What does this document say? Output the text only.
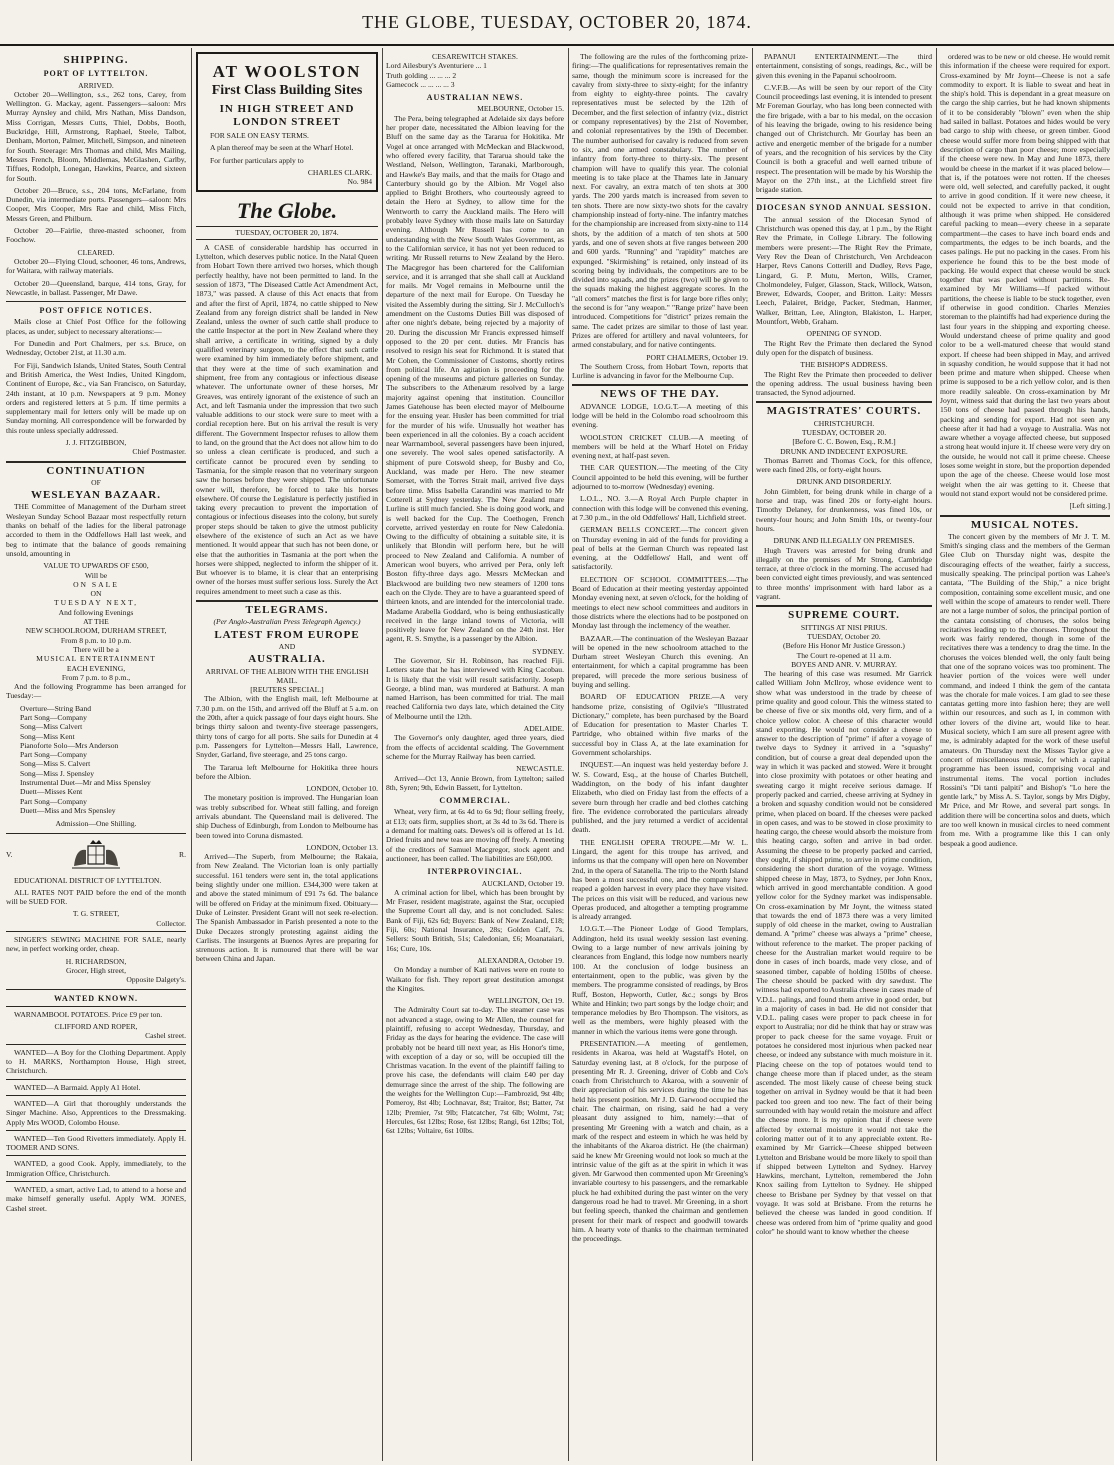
THE GLOBE, TUESDAY, OCTOBER 20, 1874.
SHIPPING.
PORT OF LYTTELTON.
ARRIVED.

October 20—Wellington, s.s., 262 tons, Carey, from Wellington. G. Mackay, agent. Passengers—saloon: Mrs Murray Aynsley and child, Mrs Nathan, Miss Dandson, Miss Corrigan, Messrs Cutts, Thiel, Dobbs, Booth, Buckridge, Hill, Armstrong, Raphael, Steele, Talbot, Denham, Morton, Palmer, Mitchell, Simpson, and nineteen for South. Steerage: Mrs Thomas and child, Mrs Mailing, Messrs French, Bloom, Middlemas, McGlashen, Carlby, Tiffues, Rodolph, Lonegan, Hawkins, Pearce, and sixteen for South.

October 20—Bruce, s.s., 204 tons, McFarlane, from Dunedin, via intermediate ports. Passengers—saloon: Mrs Cooper, Mrs Cooper, Mrs Rae and child, Miss Fitch, Messrs Green, and Philburn.

October 20—Fairlie, three-masted schooner, from Foochow.

CLEARED.

October 20—Flying Cloud, schooner, 46 tons, Andrews, for Waitara, with railway materials.

October 20—Queensland, barque, 414 tons, Gray, for Newcastle, in ballast. Passenger, Mr Dawe.

POST OFFICE NOTICES.

Mails close at Chief Post Office for the following places, as under, subject to necessary alterations:—

For Dunedin and Port Chalmers, per s.s. Bruce, on Wednesday, October 21st, at 11.30 a.m.

For Fiji, Sandwich Islands, United States, South Central and British America, the West Indies, United Kingdom, Continent of Europe, &c., via San Francisco, on Saturday, 24th instant, at 10 p.m. Newspapers at 9 p.m. Money orders and registered letters at 5 p.m. If time permits a supplementary mail for letters only will be made up on Sunday morning. All correspondence will be forwarded by this route unless specially addressed.

J. J. FITZGIBBON,
Chief Postmaster.
CONTINUATION
OF
WESLEYAN BAZAAR.

THE Committee of Management of the Durham street Wesleyan Sunday School Bazaar most respectfully return thanks on behalf of the ladies for the liberal patronage accorded to them in the Oddfellows Hall last week, and beg to intimate that the balance of goods remaining unsold, amounting in

VALUE TO UPWARDS OF £500,
Will be
ON SALE
ON
TUESDAY NEXT,
And following Evenings
AT THE
NEW SCHOOLROOM, DURHAM STREET,
From 8 p.m. to 10 p.m.
There will be a
MUSICAL ENTERTAINMENT
EACH EVENING,
From 7 p.m. to 8 p.m.,

And the following Programme has been arranged for Tuesday:—

Overture—String Band
Part Song—Company
Song—Miss Calvert
Song—Miss Kent
Pianoforte Solo—Mrs Anderson
Part Song—Company
Song—Miss S. Calvert
Song—Miss J. Spensley
Instrumental Duet—Mr and Miss Spensley
Duett—Misses Kent
Part Song—Company
Duett—Miss and Mrs Spensley
Admission—One Shilling.
V.	R.

EDUCATIONAL DISTRICT OF LYTTELTON.

ALL RATES NOT PAID before the end of the month will be SUED FOR.

T. G. STREET,
Collector.

SINGER'S SEWING MACHINE FOR SALE, nearly new, in perfect working order, cheap.

H. RICHARDSON,
Grocer, High street,
Opposite Dalgety's.
WANTED KNOWN.

WARNAMBOOL POTATOES. Price £9 per ton.

CLIFFORD AND ROPER,
Cashel street.

WANTED—A Boy for the Clothing Department. Apply to H. MARKS, Northampton House, High street, Christchurch.

WANTED—A Barmaid. Apply A1 Hotel.

WANTED—A Girl that thoroughly understands the Singer Machine. Also, Apprentices to the Dressmaking. Apply Mrs WOOD, Colombo House.

WANTED—Ten Good Rivetters immediately. Apply H. TOOMER AND SONS.

WANTED, a good Cook. Apply, immediately, to the Immigration Office, Christchurch.

WANTED, a smart, active Lad, to attend to a horse and make himself generally useful. Apply WM. JONES, Cashel street.

AT WOOLSTON
First Class Building Sites
IN HIGH STREET AND LONDON STREET

FOR SALE ON EASY TERMS.

A plan thereof may be seen at the Wharf Hotel.

For further particulars apply to

CHARLES CLARK.
No. 984
The Globe.
TUESDAY, OCTOBER 20, 1874.

A CASE of considerable hardship has occurred in Lyttelton, which deserves public notice. In the Natal Queen from Hobart Town there arrived two horses, which though perfectly healthy, have not been permitted to land. In the session of 1873, "The Diseased Cattle Act Amendment Act, 1873," was passed. A clause of this Act enacts that from and after the first of April, 1874, no cattle shipped to New Zealand from any foreign district shall be landed in New Zealand, unless the owner of such cattle shall produce to the cattle Inspector at the port in New Zealand where they shall arrive, a certificate in writing, signed by a duly qualified veterinary surgeon, to the effect that such cattle were examined by him immediately before shipment, and that they were at the time of such examination and shipment, free from any contagious or infectious disease whatever. The unfortunate owner of these horses, Mr Greaves, was entirely ignorant of the existence of such an Act, and left Tasmania under the impression that two such valuable additions to our stock were sure to meet with a cordial reception here. But on his arrival the result is very different. The Government Inspector refuses to allow them to land, on the ground that the Act does not allow him to do so unless a clean certificate is produced, and such a certificate cannot be procured even by sending to Tasmania, for the simple reason that no veterinary surgeon saw the horses before they were shipped. The unfortunate owner will, therefore, be forced to take his horses elsewhere. Of course the Legislature is perfectly justified in taking every precaution to prevent the importation of contagious or infectious diseases into the colony, but surely proper steps should be taken to give the utmost publicity elsewhere of the existence of such an Act as we have mentioned. It would appear that such has not been done, or else that the authorities in Tasmania at the port when the horses were shipped, neglected to inform the shipper of it. But whoever is to blame, it is clear that an enterprising owner of the horses must suffer serious loss. Surely the Act requires amendment to meet such a case as this.

TELEGRAMS.
(Per Anglo-Australian Press Telegraph Agency.)
LATEST FROM EUROPE
AND
AUSTRALIA.
ARRIVAL OF THE ALBION WITH THE ENGLISH MAIL.
[REUTERS SPECIAL.]

The Albion, with the English mail, left Melbourne at 7.30 p.m. on the 15th, and arrived off the Bluff at 5 a.m. on the 20th, after a quick passage of four days eight hours. She brings thirty saloon and twenty-five steerage passengers, thirty tons of cargo for all ports. She sails for Dunedin at 4 p.m. Passengers for Lyttelton—Messrs Hall, Lawrence, Snyder, Garland, five steerage, and 25 tons cargo.

The Tararua left Melbourne for Hokitika three hours before the Albion.

LONDON, October 10.

The monetary position is improved. The Hungarian loan was trebly subscribed for. Wheat still falling, and foreign arrivals abundant. The Queensland mail is delivered. The ship Duchess of Edinburgh, from London to Melbourne has been towed into Coruna dismasted.

LONDON, October 13.

Arrived—The Superb, from Melbourne; the Rakaia, from New Zealand. The Victorian loan is only partially successful. 161 tenders were sent in, the total applications being slightly under one million. £344,300 were taken at and above the stated minimum of £91 7s 6d. The balance will be offered on Friday at the minimum fixed. Obituary—Duke of Leinster. President Grant will not seek re-election. The Spanish Ambassador in Parish presented a note to the Duke Decazes strongly protesting against aiding the Carlists. The insurgents at Buenos Ayres are preparing for strenuous action. It is rumoured that there will be war between China and Japan.

CESAREWITCH STAKES.
Lord Ailesbury's Aventuriere ... 1
Truth golding ... ... ... 2
Gamecock ... ... ... ... 3
AUSTRALIAN NEWS.
MELBOURNE, October 15.

The Pera, being telegraphed at Adelaide six days before her proper date, necessitated the Albion leaving for the Bluff on the same day as the Tararua for Hokitika. Mr Vogel at once arranged with McMeckan and Blackwood, who offered every facility, that Tararua should take the Westland, Nelson, Wellington, Taranaki, Marlborough, and Hawke's Bay mails, and that the mails for Otago and Canterbury should go by the Albion. Mr Vogel also applied to Bright Brothers, who courteously agreed to detain the Hero at Sydney, to allow time for the Wentworth to carry the Auckland mails. The Hero will probably leave Sydney with those mails late on Saturday evening. Although Mr Russell has come to an understanding with the New South Wales Government, as to the Californian service, it has not yet been reduced to writing. Mr Russell returns to New Zealand by the Hero. The Macgregor has been chartered for the Californian service, and it is arranged that she shall call at Auckland for mails. Mr Vogel remains in Melbourne until the departure of the next mail for Europe. On Tuesday he visited the Assembly during the sitting. Sir J. McCulloch's amendment on the Customs Duties Bill was disposed of after one night's debate, being rejected by a majority of 20. During the discussion Mr Francis expressed himself opposed to the 20 per cent. duties. Mr Francis has resolved to resign his seat for Richmond. It is stated that Mr Cohen, the Commissioner of Customs, shortly retires from political life. An agitation is proceeding for the opening of the museums and picture galleries on Sunday. The subscribers to the Athenæum resolved by a large majority against opening that institution. Councillor James Gatehouse has been elected mayor of Melbourne for the ensuing year. Husler has been committed for trial for the murder of his wife. Unusually hot weather has been experienced in all the colonies. By a coach accident near Warrnambool, several passengers have been injured, one severely. The wool sales opened satisfactorily. A shipment of pure Cotswold sheep, for Busby and Co, Auckland, was made per Hero. The new steamer Somerset, with the Torres Strait mail, arrived five days before time. Miss Isabella Carandini was married to Mr Cotterell at Sydney yesterday. The New Zealand mare Lurline is still much fancied. She is doing good work, and is well backed for the Cup. The Coethogen, French corvette, arrived yesterday en route for New Caledonia. Owing to the difficulty of obtaining a suitable site, it is unlikely that Blondin will perform here, but he will proceed to New Zealand and California. A number of American wool buyers, who arrived per Pera, only left Boston fifty-three days ago. Messrs McMeckan and Blackwood are building two new steamers of 1200 tons each on the Clyde. They are to have a guaranteed speed of thirteen knots, and are intended for the intercolonial trade. Madame Arabella Goddard, who is being enthusiastically received in the large inland towns of Victoria, will positively leave for New Zealand on the 24th inst. Her agent, R. S. Smythe, is a passenger by the Albion.

SYDNEY.

The Governor, Sir H. Robinson, has reached Fiji. Letters state that he has interviewed with King Cacobau. It is likely that the visit will result satisfactorily. Joseph George, a blind man, was murdered at Bathurst. A man named Harrison, has been committed for trial. The mail reached California two days late, which detained the City of Melbourne until the 12th.

ADELAIDE.

The Governor's only daughter, aged three years, died from the effects of accidental scalding. The Government scheme for the Murray Railway has been carried.

NEWCASTLE.

Arrived—Oct 13, Annie Brown, from Lyttelton; sailed 8th, Syren; 9th, Edwin Bassett, for Lyttelton.

COMMERCIAL.

Wheat, very firm, at 6s 4d to 6s 9d; flour selling freely, at £13; oats firm, supplies short, at 3s 4d to 3s 6d. There is a demand for malting oats. Dewes's oil is offered at 1s 1d. Dried fruits and new teas are moving off freely. A meeting of the creditors of Samuel Macgregor, stock agent and auctioneer, has been called. The liabilities are £60,000.

INTERPROVINCIAL.
AUCKLAND, October 19.

A criminal action for libel, which has been brought by Mr Fraser, resident magistrate, against the Star, occupied the Supreme Court all day, and is not concluded. Sales: Bank of Fiji, 62s 6d; Buyers: Bank of New Zealand, £18; Fiji, 60s; National Insurance, 28s; Golden Calf, 7s. Sellers: South British, 51s; Caledonian, £6; Moanataiari, 16s; Cure, 10s.

ALEXANDRA, October 19.

On Monday a number of Kati natives were en route to Waikato for fish. They report great destitution amongst the Kingites.

WELLINGTON, Oct 19.

The Admiralty Court sat to-day. The steamer case was not advanced a stage, owing to Mr Allen, the counsel for plaintiff, refusing to accept Wednesday, Thursday, and Friday as the days for hearing the evidence. The case will probably not be heard till next year, as His Honor's time, with exception of a day or so, will be occupied till the Christmas vacation. In the event of the plaintiff failing to prove his case, the defendants will claim £40 per day demurrage since the arrest of the ship. The following are the weights for the Wellington Cup:—Fambrozid, 9st 4lb; Pomeroy, 8st 4lb; Lochnavar, 8st; Traitor, 8st; Batter, 7st 12lb; Premier, 7st 9lb; Flatcatcher, 7st 6lb; Wolmt, 7st; Hercules, 6st 12lbs; Rose, 6st 12lbs; Rangi, 6st 12lbs; Tol, 6st 12lbs; Voltaire, 6st 10lbs.

The following are the rules of the forthcoming prize-firing:—The qualifications for representatives remain the same, though the minimum score is increased for the cavalry from sixty-three to sixty-eight; for the infantry from eighty to eighty-three points. The cavalry representatives must be selected by the 12th of December, and the first selection of infantry (viz., district or company representatives) by the 21st of November, and colonial representatives by the 19th of December. The number authorised for cavalry is reduced from seven to six, and one armed constabulary. The number of infantry from forty-three to thirty-six. The present champion will have to qualify this year. The colonial meeting is to take place at the Thames late in January next. For cavalry, an extra match of ten shots at 300 yards. The 200 yards match is increased from seven to ten shots. There are now sixty-two shots for the cavalry championship instead of forty-nine. The infantry matches for the championship are increased from sixty-nine to 114 shots, by the addition of a match of ten shots at 500 yards, and one of seven shots at five ranges between 200 and 600 yards. "Running" and "rapidity" matches are expunged. "Skirmishing" is retained, only instead of its scoring being by individuals, the competitors are to be divided into squads, and the prizes (two) will be given to the squads making the highest aggregate scores. In the "all comers" matches the first is for large bore rifles only; the second is for "any weapon." "Range prize" have been introduced. Competitions for "district" prizes remain the same. The cadet prizes are similar to those of last year. Prizes are offered for artillery and naval volunteers, for armed constabulary, and for native contingents.

PORT CHALMERS, October 19.

The Southern Cross, from Hobart Town, reports that Lurline is advancing in favor for the Melbourne Cup.

NEWS OF THE DAY.

ADVANCE LODGE, I.O.G.T.—A meeting of this lodge will be held in the Colombo road schoolroom this evening.

WOOLSTON CRICKET CLUB.—A meeting of members will be held at the Wharf Hotel on Friday evening next, at half-past seven.

THE CAR QUESTION.—The meeting of the City Council appointed to be held this evening, will be further adjourned to to-morrow (Wednesday) evening.

L.O.L., NO. 3.—A Royal Arch Purple chapter in connection with this lodge will be convened this evening, at 7.30 p.m., in the old Oddfellows' Hall, Lichfield street.

GERMAN BELLS CONCERT.—The concert given on Thursday evening in aid of the funds for providing a peal of bells at the German Church was repeated last evening, at the Oddfellows' Hall, and went off satisfactorily.

ELECTION OF SCHOOL COMMITTEES.—The Board of Education at their meeting yesterday appointed Monday evening next, at seven o'clock, for the holding of meetings to elect new school committees and auditors in those districts where the elections had to be postponed on Monday last through the inclemency of the weather.

BAZAAR.—The continuation of the Wesleyan Bazaar will be opened in the new schoolroom attached to the Durham street Wesleyan Church this evening. An entertainment, for which a capital programme has been prepared, will precede the more serious business of buying and selling.

BOARD OF EDUCATION PRIZE.—A very handsome prize, consisting of Ogilvie's "Illustrated Dictionary," complete, has been purchased by the Board of Education for presentation to Master Charles T. Partridge, who obtained within five marks of the successful boy in Class A, at the late examination for Government scholarships.

INQUEST.—An inquest was held yesterday before J. W. S. Coward, Esq., at the house of Charles Butchell, Waddington, on the body of his infant daughter Elizabeth, who died on Friday last from the effects of a severe burn through her cradle and bed clothes catching fire. The evidence corroborated the particulars already published, and the jury returned a verdict of accidental death.

THE ENGLISH OPERA TROUPE.—Mr W. L. Lingard, the agent for this troupe has arrived, and informs us that the company will open here on November 2nd, in the opera of Satanella. The trip to the North Island has been a most successful one, and the company have reaped a golden harvest in every place they have visited. The prices on this visit will be reduced, and various new Operas produced, and altogether a tempting programme is already arranged.

I.O.G.T.—The Pioneer Lodge of Good Templars, Addington, held its usual weekly session last evening. Owing to a large number of new arrivals joining by clearances from England, this lodge now numbers nearly 100. At the conclusion of lodge business an entertainment, open to the public, was given by the members. The programme consisted of readings, by Bros Ruff, Boston, Hepworth, Cutler, &c.; songs by Bros White and Hinkin; two part songs by the lodge choir; and temperance melodies by Bro Thompson. The visitors, as well as the members, were highly pleased with the manner in which the various items were gone through.

PRESENTATION.—A meeting of gentlemen, residents in Akaroa, was held at Wagstaff's Hotel, on Saturday evening last, at 8 o'clock, for the purpose of presenting Mr R. J. Greening, driver of Cobb and Co's coach from Christchurch to Akaroa, with a souvenir of their appreciation of his services during the time he has held his present position. Mr J. D. Garwood occupied the chair. The chairman, on rising, said he had a very pleasant duty assigned to him, namely:—that of presenting Mr Greening with a watch and chain, as a mark of the respect and esteem in which he was held by the inhabitants of the Akaroa district. He (the chairman) said he knew Mr Greening would not look so much at the intrinsic value of the gift as at the spirit in which it was given. Mr Garwood then commented upon Mr Greening's invariable courtesy to his passengers, and the remarkable pluck he had exhibited during the past winter on the very dangerous road he had to travel. Mr Greening, in a short but feeling speech, thanked the chairman and gentlemen present for their mark of respect and goodwill towards him. A hearty vote of thanks to the chairman terminated the proceedings.

PAPANUI ENTERTAINMENT.—The third entertainment, consisting of songs, readings, &c., will be given this evening in the Papanui schoolroom.

C.V.F.B.—As will be seen by our report of the City Council proceedings last evening, it is intended to present Mr Foreman Gourlay, who has long been connected with the fire brigade, with a bar to his medal, on the occasion of his leaving the brigade, owing to his residence being changed out of Christchurch. Mr Gourlay has been an active and energetic member of the brigade for a number of years, and the recognition of his services by the City Council is both a graceful and well earned tribute of respect. The presentation will be made by his Worship the Mayor on the 27th inst., at the Lichfield street fire brigade station.

DIOCESAN SYNOD ANNUAL SESSION.

The annual session of the Diocesan Synod of Christchurch was opened this day, at 1 p.m., by the Right Rev the Primate, in College Library. The following members were present:—The Right Rev the Primate, Very Rev the Dean of Christchurch, Ven Archdeacon Harper, Revs Canons Cotterill and Dudley, Revs Page, Lingard, G. P. Mutu, Merton, Wills, Cramer, Cholmondeley, Fulger, Glasson, Stack, Willock, Watson, Brewer, Edwards, Cooper, and Britton. Laity: Messrs Leech, Palairet, Bridge, Packer, Stedman, Hanmer, Walker, Brittan, Lee, Alington, Blakiston, L. Harper, Mountfort, Webb, Graham.

OPENING OF SYNOD.

The Right Rev the Primate then declared the Synod duly open for the dispatch of business.

THE BISHOP'S ADDRESS.

The Right Rev the Primate then proceeded to deliver the opening address. The usual business having been transacted, the Synod adjourned.

MAGISTRATES' COURTS.
CHRISTCHURCH.
TUESDAY, OCTOBER 20.
[Before C. C. Bowen, Esq., R.M.]
DRUNK AND INDECENT EXPOSURE.

Thomas Barrett and Thomas Cock, for this offence, were each fined 20s, or forty-eight hours.

DRUNK AND DISORDERLY.

John Gimblett, for being drunk while in charge of a horse and trap, was fined 20s or forty-eight hours. Timothy Delaney, for drunkenness, was fined 10s, or twenty-four hours; and John Smith 10s, or twenty-four hours.

DRUNK AND ILLEGALLY ON PREMISES.

Hugh Travers was arrested for being drunk and illegally on the premises of Mr Strong, Cambridge terrace, at three o'clock in the morning. The accused had been convicted eight times previously, and was sentenced to three months' imprisonment with hard labor as a vagrant.

SUPREME COURT.
SITTINGS AT NISI PRIUS.
TUESDAY, October 20.
(Before His Honor Mr Justice Gresson.)
The Court re-opened at 11 a.m.
BOYES AND ANR. V. MURRAY.

The hearing of this case was resumed. Mr Garrick called William John McIlroy, whose evidence went to show what was understood in the trade by cheese of prime quality and good colour. This the witness stated to be cheese of five or six months old, very firm, and of a choice yellow color. A cheese of this character would stand exporting. He would not consider a cheese to answer to the description of "prime" if after a voyage of twelve days to Sydney it arrived in a "squashy" condition, but of course a great deal depended upon the way in which it was packed and stowed. Were it brought into close proximity with potatoes or other heating and sweating cargo it might receive serious damage. If properly packed and carried, cheese arriving at Sydney in a broken and squashy condition would not be considered prime, when placed on board. If the cheeses were packed in open cases, and was to be stowed in close proximity to heating cargo, the cheese would absorb the moisture from this heating cargo, soften and arrive in bad order. Assuming the cheese to be properly packed and carried, they ought, if shipped prime, to arrive in prime condition, considering the short duration of the voyage. Witness shipped cheese in May, 1873, to Sydney, per John Knox, which arrived in good merchantable condition. A good yellow color for the Sydney market was indispensable. On cross-examination by Mr Joynt, the witness stated that towards the end of 1873 there was a very limited supply of old cheese in the market, owing to Australian demand. A "prime" cheese was always a "prime" cheese, without reference to the market. The proper packing of cheese for the Australian market would require to be done in cases of inch boards, made very close, and of seasoned timber, capable of holding 150lbs of cheese. The cheese should be packed with dry sawdust. The witness had exported to Australia cheese in cases made of V.D.L. palings, and found them arrive in good order, but in a majority of cases in bad. He did not consider that V.D.L. paling cases were proper to pack cheese in for export to Australia; nor did he think that hay or straw was proper to pack cheese for the same voyage. Fruit or potatoes he considered most injurious when packed near cheese, or indeed any substance with much moisture in it. Placing cheese on the top of potatoes would tend to change cheese more than if placed under, as the steam ascended. The most likely cause of cheese being stuck together on arrival in Sydney would be that it had been packed too green and too new. The fact of their being surrounded with hay would retain the moisture and affect the cheese more. It is my opinion that if cheese were affected by external moisture it would not take the coloring matter out of it to any appreciable extent. Re-examined by Mr Garrick—Cheese shipped between Lyttelton and Brisbane would be more likely to spoil than if shipped between Lyttelton and Sydney. Harvey Hawkins, merchant, Lyttelton, remembered the John Knox sailing from Lyttelton to Sydney. He shipped cheese to Brisbane per Sydney by that vessel on that voyage. It was sold at Brisbane. From the returns he believed the cheese was landed in good condition. If cheese was ordered from him of "prime quality and good color" he should want to know whether the cheese

ordered was to be new or old cheese. He would remit this information if the cheese were required for export. Cross-examined by Mr Joynt—Cheese is not a safe commodity to export. It is liable to sweat and heat in the ship's hold. This is dependant in a great measure on the cargo the ship carries, but he had known shipments of it to be considerably "blown" even when the ship had sailed in ballast. Potatoes and hides would be very bad cargo to ship with cheese, or green timber. Good cheese would suffer more from being shipped with that description of cargo than poor cheese; more especially if the cheese were new. In May and June 1873, there would be cheese in the market if it was placed below—that is, if the potatoes were not rotten. If the cheeses were old, well selected, and carefully packed, it ought to arrive in good condition. If it were new cheese, it could not be expected to arrive in that condition, although it was prime when shipped. He considered careful packing to mean—every cheese in a separate compartment—the cases to have inch board ends and compartments, the edges to be inch boards, and the cases palings. He put no packing in the cases. From his experience he found this to be the best mode of packing. He would expect that cheese would be stuck together that was packed without partitions. Re-examined by Mr Williams—If packed without partitions, the cheese is liable to be stuck together, even if otherwise in good condition. Charles Menzies storeman to the plaintiffs had had experience during the last four years in the shipping and exporting cheese. Would understand cheese of prime quality and good color to be a well-matured cheese that would stand export. If cheese had been shipped in May, and arrived in squashy condition, he would suppose that it had not been prime and mature when shipped. Cheese when prime is supposed to be a rich yellow color, and is then more readily saleable. On cross-examination by Mr Joynt, witness said that during the last two years about 150 tons of cheese had passed through his hands, packing and sending for export. Had not seen any cheese after it had had a voyage to Australia. Was not aware whether a voyage affected cheese, but supposed a strong heat would injure it. If cheese were very dry on the outside, he would not call it prime cheese. Cheese loses some weight in store, but the proportion depended upon the age of the cheese. Cheese would lose most weight when the air was getting to it. Cheese that would not stand export would not be considered prime.

[Left sitting.]
MUSICAL NOTES.

The concert given by the members of Mr J. T. M. Smith's singing class and the members of the German Glee Club on Thursday night was, despite the discouraging effects of the weather, fairly a success, musically speaking. The principal portion was Lahee's cantata, "The Building of the Ship," a nice bright composition, containing some excellent music, and one well within the scope of amateurs to render well. There are not a large number of solos, the principal portion of the cantata consisting of choruses, the solos being recitatives leading up to the choruses. Throughout the work was fairly rendered, though in some of the recitatives there was a tendency to drag the time. In the choruses the voices blended well, the only fault being that one of the soprano voices was too prominent. The heavier portion of the voices were well under command, and indeed I think the gem of the cantata was the chorale for male voices. I am glad to see these cantatas getting more into fashion here; they are well within our resources, and such as I, in common with other lovers of the divine art, would like to hear. Musical society, which I am sure all present agree with me, is admirably adapted for the work of these useful amateurs. On Thursday next the Misses Taylor give a concert of miscellaneous music, for which a capital programme has been issued, comprising vocal and instrumental items. The vocal portion includes Rossini's "Di tanti palpiti" and Bishop's "Lo here the gentle lark," by Miss A. S. Taylor, songs by Mrs Digby, Mr Price, and Mr Rowe, and several part songs. In addition there will be concertina solos and duets, which are too well known in musical circles to need comment from me. With a programme like this I can only bespeak a good audience.
